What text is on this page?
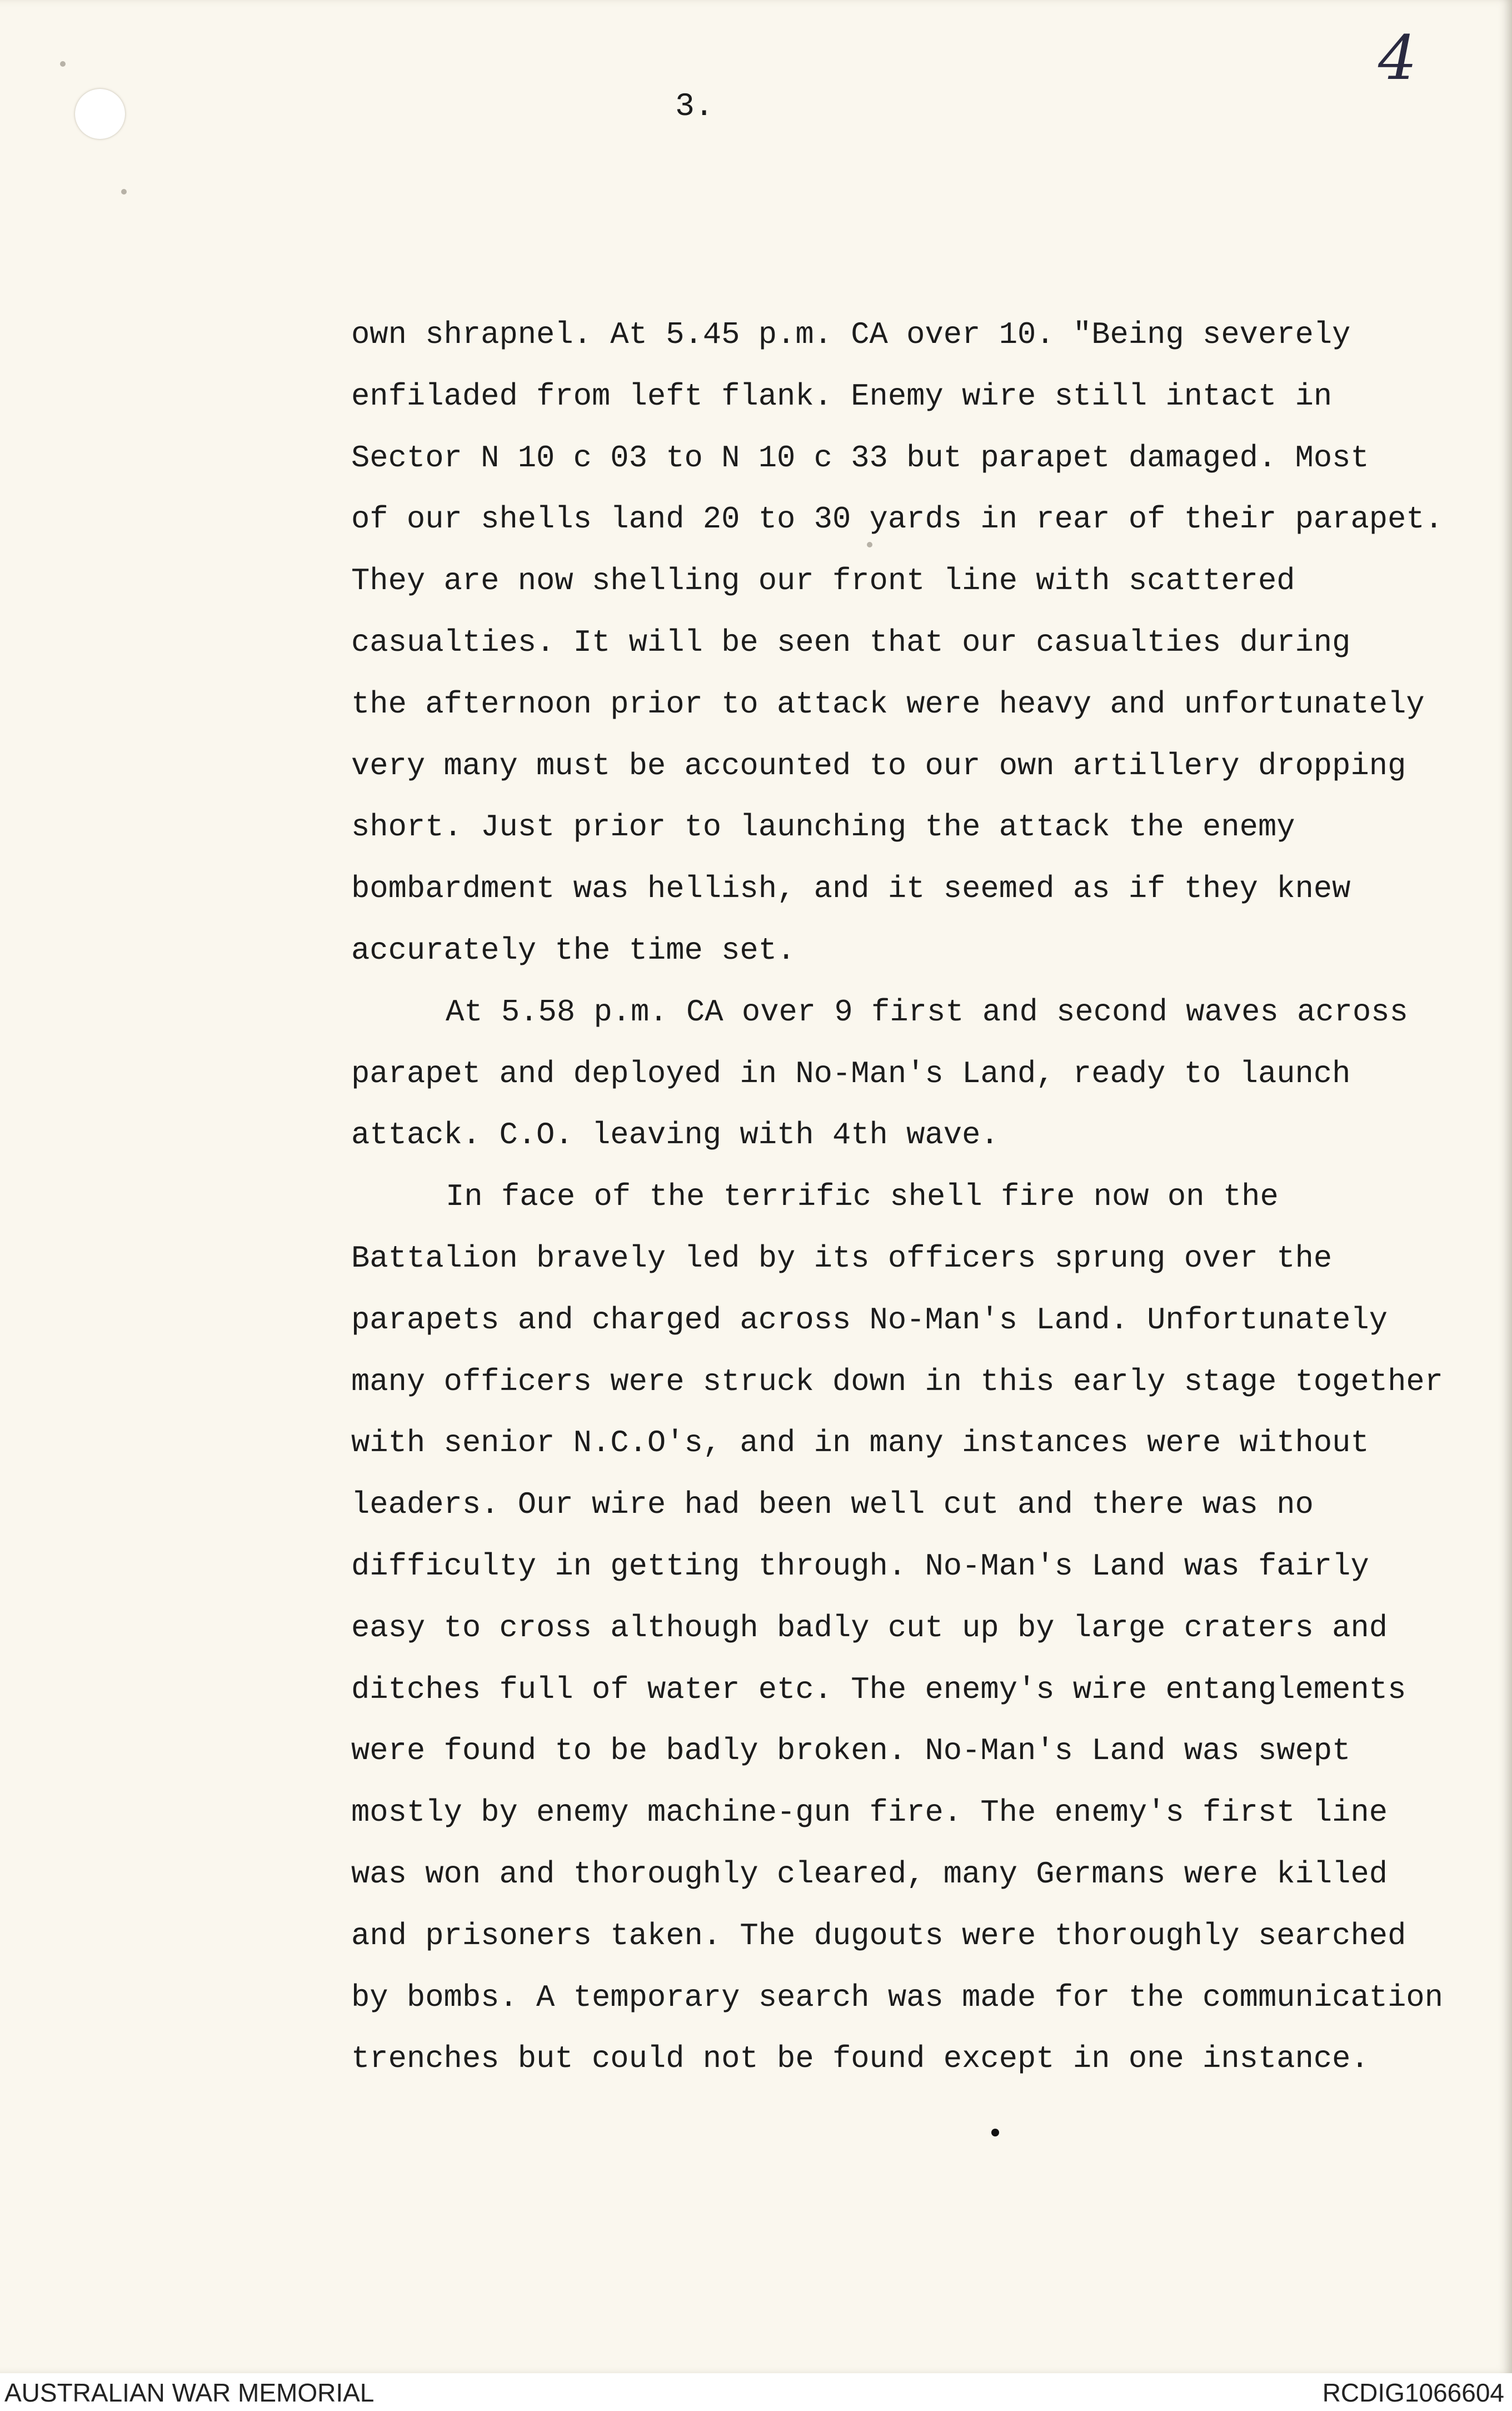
4
3.
own shrapnel. At 5.45 p.m. CA over 10. "Being severely
enfiladed from left flank. Enemy wire still intact in
Sector N 10 c 03 to N 10 c 33 but parapet damaged. Most
of our shells land 20 to 30 yards in rear of their parapet.
They are now shelling our front line with scattered
casualties. It will be seen that our casualties during
the afternoon prior to attack were heavy and unfortunately
very many must be accounted to our own artillery dropping
short. Just prior to launching the attack the enemy
bombardment was hellish, and it seemed as if they knew
accurately the time set.
At 5.58 p.m. CA over 9 first and second waves across
parapet and deployed in No-Man's Land, ready to launch
attack. C.O. leaving with 4th wave.
In face of the terrific shell fire now on the
Battalion bravely led by its officers sprung over the
parapets and charged across No-Man's Land. Unfortunately
many officers were struck down in this early stage together
with senior N.C.O's, and in many instances were without
leaders. Our wire had been well cut and there was no
difficulty in getting through. No-Man's Land was fairly
easy to cross although badly cut up by large craters and
ditches full of water etc. The enemy's wire entanglements
were found to be badly broken. No-Man's Land was swept
mostly by enemy machine-gun fire. The enemy's first line
was won and thoroughly cleared, many Germans were killed
and prisoners taken. The dugouts were thoroughly searched
by bombs. A temporary search was made for the communication
trenches but could not be found except in one instance.
AUSTRALIAN WAR MEMORIAL	RCDIG1066604
